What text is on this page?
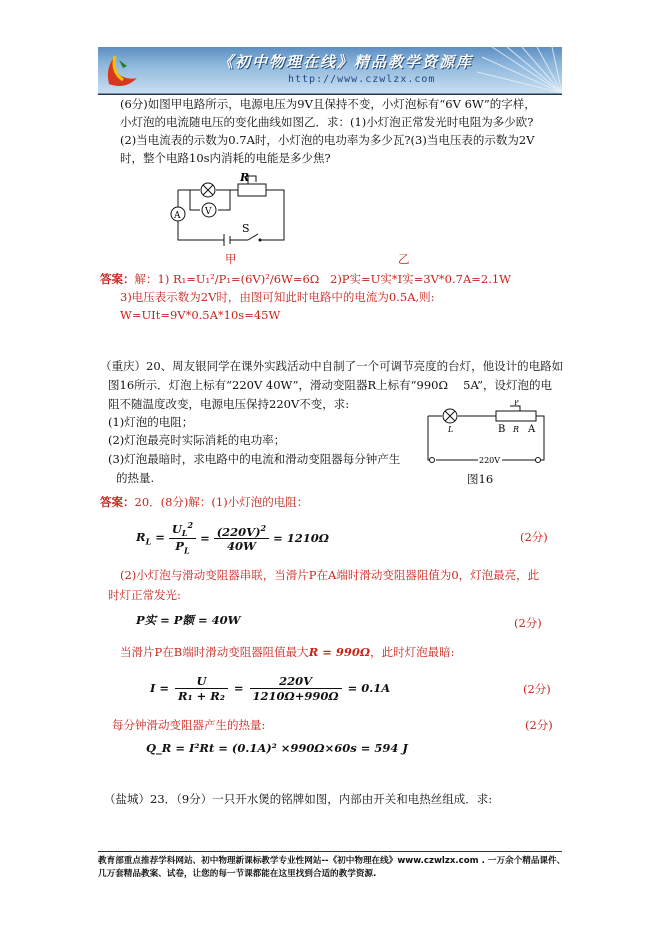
《初中物理在线》精品教学资源库
http://www.czwlzx.com
(6分)如图甲电路所示，电源电压为9V且保持不变，小灯泡标有“6V 6W”的字样，
小灯泡的电流随电压的变化曲线如图乙．求：(1)小灯泡正常发光时电阻为多少欧?
(2)当电流表的示数为0.7A时，小灯泡的电功率为多少瓦?(3)当电压表的示数为2V
时，整个电路10s内消耗的电能是多少焦?
A	V
R
S
甲	乙
答案：解：1) R₁=U₁²/P₁=(6V)²/6W=6Ω 2)P实=U实*I实=3V*0.7A=2.1W
3)电压表示数为2V时，由图可知此时电路中的电流为0.5A,则:
W=UIt=9V*0.5A*10s=45W
（重庆）20、周友银同学在课外实践活动中自制了一个可调节亮度的台灯，他设计的电路如
图16所示．灯泡上标有“220V 40W”，滑动变阻器R上标有“990Ω　 5A”，设灯泡的电
阻不随温度改变，电源电压保持220V不变，求:
(1)灯泡的电阻；
(2)灯泡最亮时实际消耗的电功率；
(3)灯泡最暗时，求电路中的电流和滑动变阻器每分钟产生
的热量.
P
B R A
L
220V
图16
答案：20．(8分)解：(1)小灯泡的电阻：
$R_L = \frac{U_L^2}{P_L} = \frac{(220V)^2}{40W} = 1210\Omega$	(2分)
(2)小灯泡与滑动变阻器串联，当滑片P在A端时滑动变阻器阻值为0，灯泡最亮，此
时灯正常发光:
P实 = P额 = 40W	(2分)
当滑片P在B端时滑动变阻器阻值最大R = 990Ω，此时灯泡最暗:
$I = \frac{U}{\text{R₁ + R₂}} = \frac{220V}{1210\Omega+990\Omega} = 0.1A$	(2分)
每分钟滑动变阻器产生的热量:	(2分)
Q_R = I²Rt = (0.1A)² ×990Ω×60s = 594 J
（盐城）23．（9分）一只开水煲的铭牌如图，内部由开关和电热丝组成．求:
教育部重点推荐学科网站、初中物理新课标教学专业性网站--《初中物理在线》www.czwlzx.com . 一万余个精品课件、几万套精品教案、试卷，让您的每一节课都能在这里找到合适的教学资源.
